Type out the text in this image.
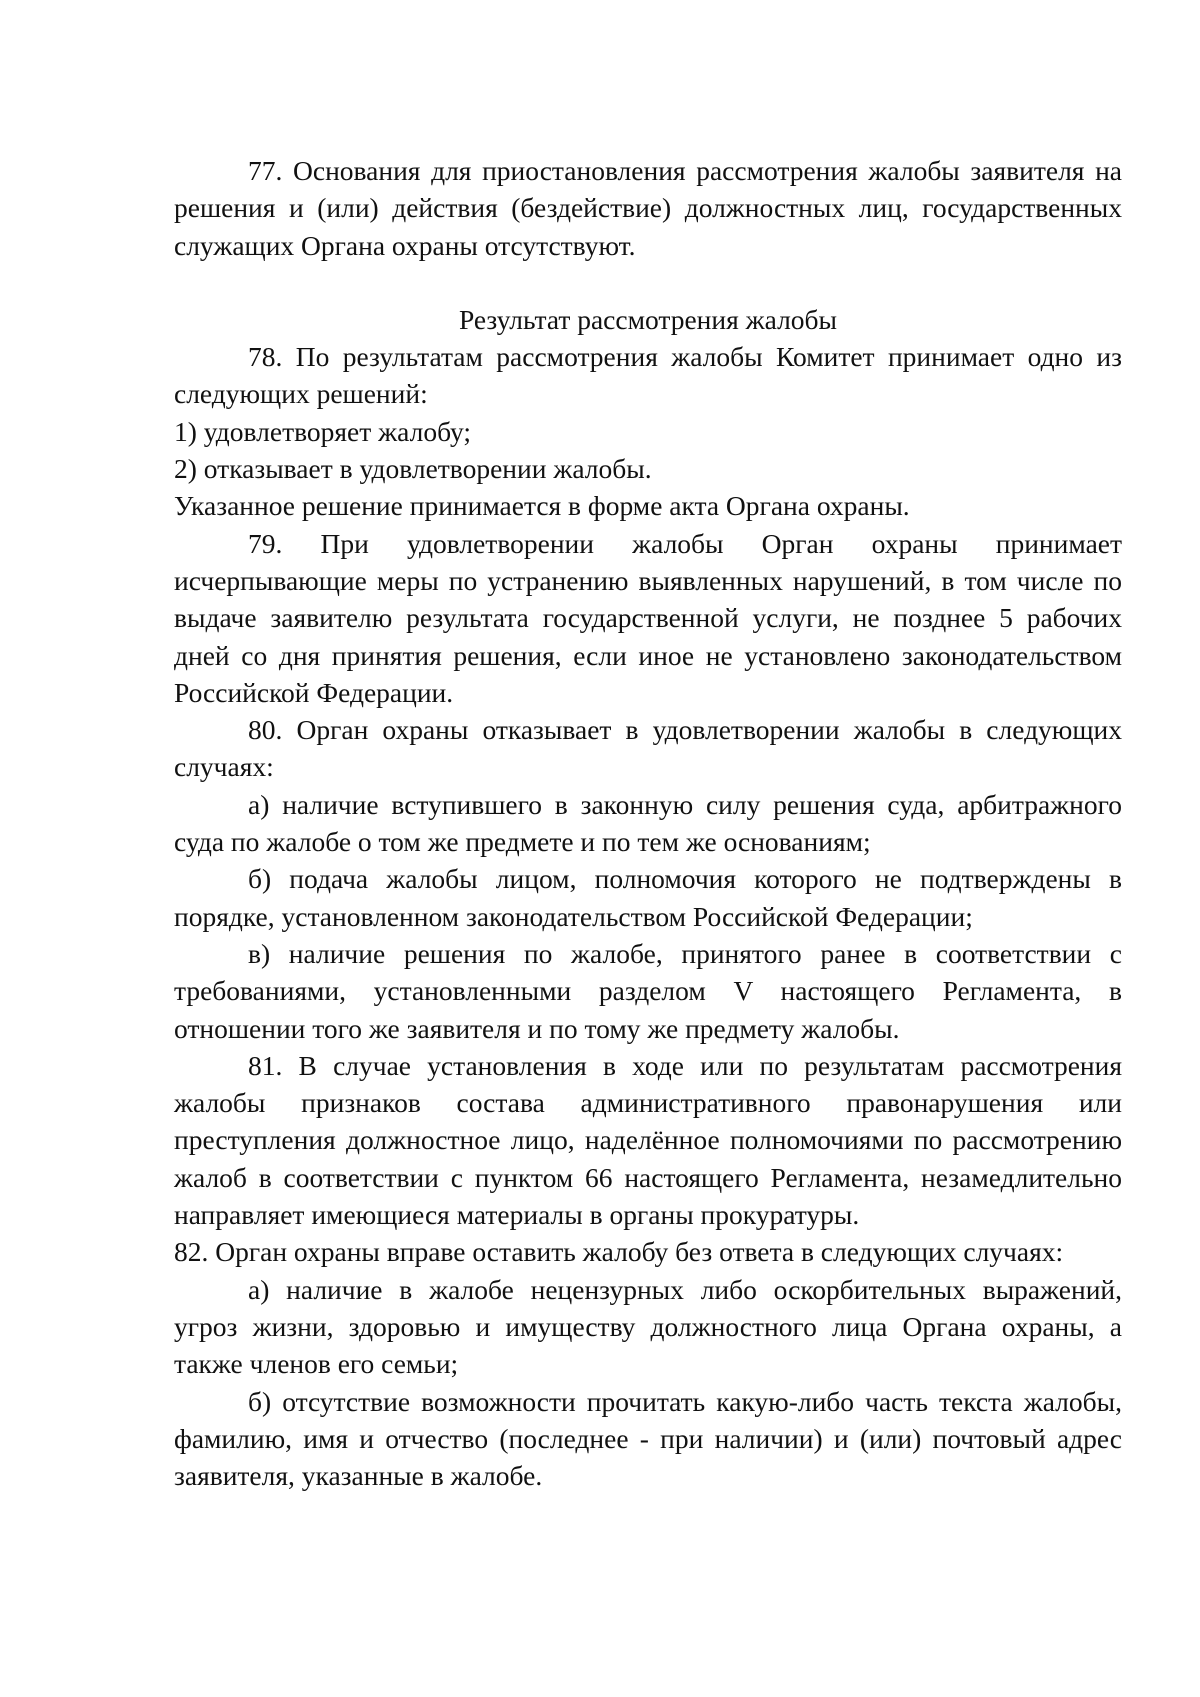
77. Основания для приостановления рассмотрения жалобы заявителя на решения и (или) действия (бездействие) должностных лиц, государственных служащих Органа охраны отсутствуют.

Результат рассмотрения жалобы

78. По результатам рассмотрения жалобы Комитет принимает одно из следующих решений:

1) удовлетворяет жалобу;

2) отказывает в удовлетворении жалобы.

Указанное решение принимается в форме акта Органа охраны.

79. При удовлетворении жалобы Орган охраны принимает исчерпывающие меры по устранению выявленных нарушений, в том числе по выдаче заявителю результата государственной услуги, не позднее 5 рабочих дней со дня принятия решения, если иное не установлено законодательством Российской Федерации.

80. Орган охраны отказывает в удовлетворении жалобы в следующих случаях:

а) наличие вступившего в законную силу решения суда, арбитражного суда по жалобе о том же предмете и по тем же основаниям;

б) подача жалобы лицом, полномочия которого не подтверждены в порядке, установленном законодательством Российской Федерации;

в) наличие решения по жалобе, принятого ранее в соответствии с требованиями, установленными разделом V настоящего Регламента, в отношении того же заявителя и по тому же предмету жалобы.

81. В случае установления в ходе или по результатам рассмотрения жалобы признаков состава административного правонарушения или преступления должностное лицо, наделённое полномочиями по рассмотрению жалоб в соответствии с пунктом 66 настоящего Регламента, незамедлительно направляет имеющиеся материалы в органы прокуратуры.

82. Орган охраны вправе оставить жалобу без ответа в следующих случаях:

а) наличие в жалобе нецензурных либо оскорбительных выражений, угроз жизни, здоровью и имуществу должностного лица Органа охраны, а также членов его семьи;

б) отсутствие возможности прочитать какую-либо часть текста жалобы, фамилию, имя и отчество (последнее - при наличии) и (или) почтовый адрес заявителя, указанные в жалобе.
